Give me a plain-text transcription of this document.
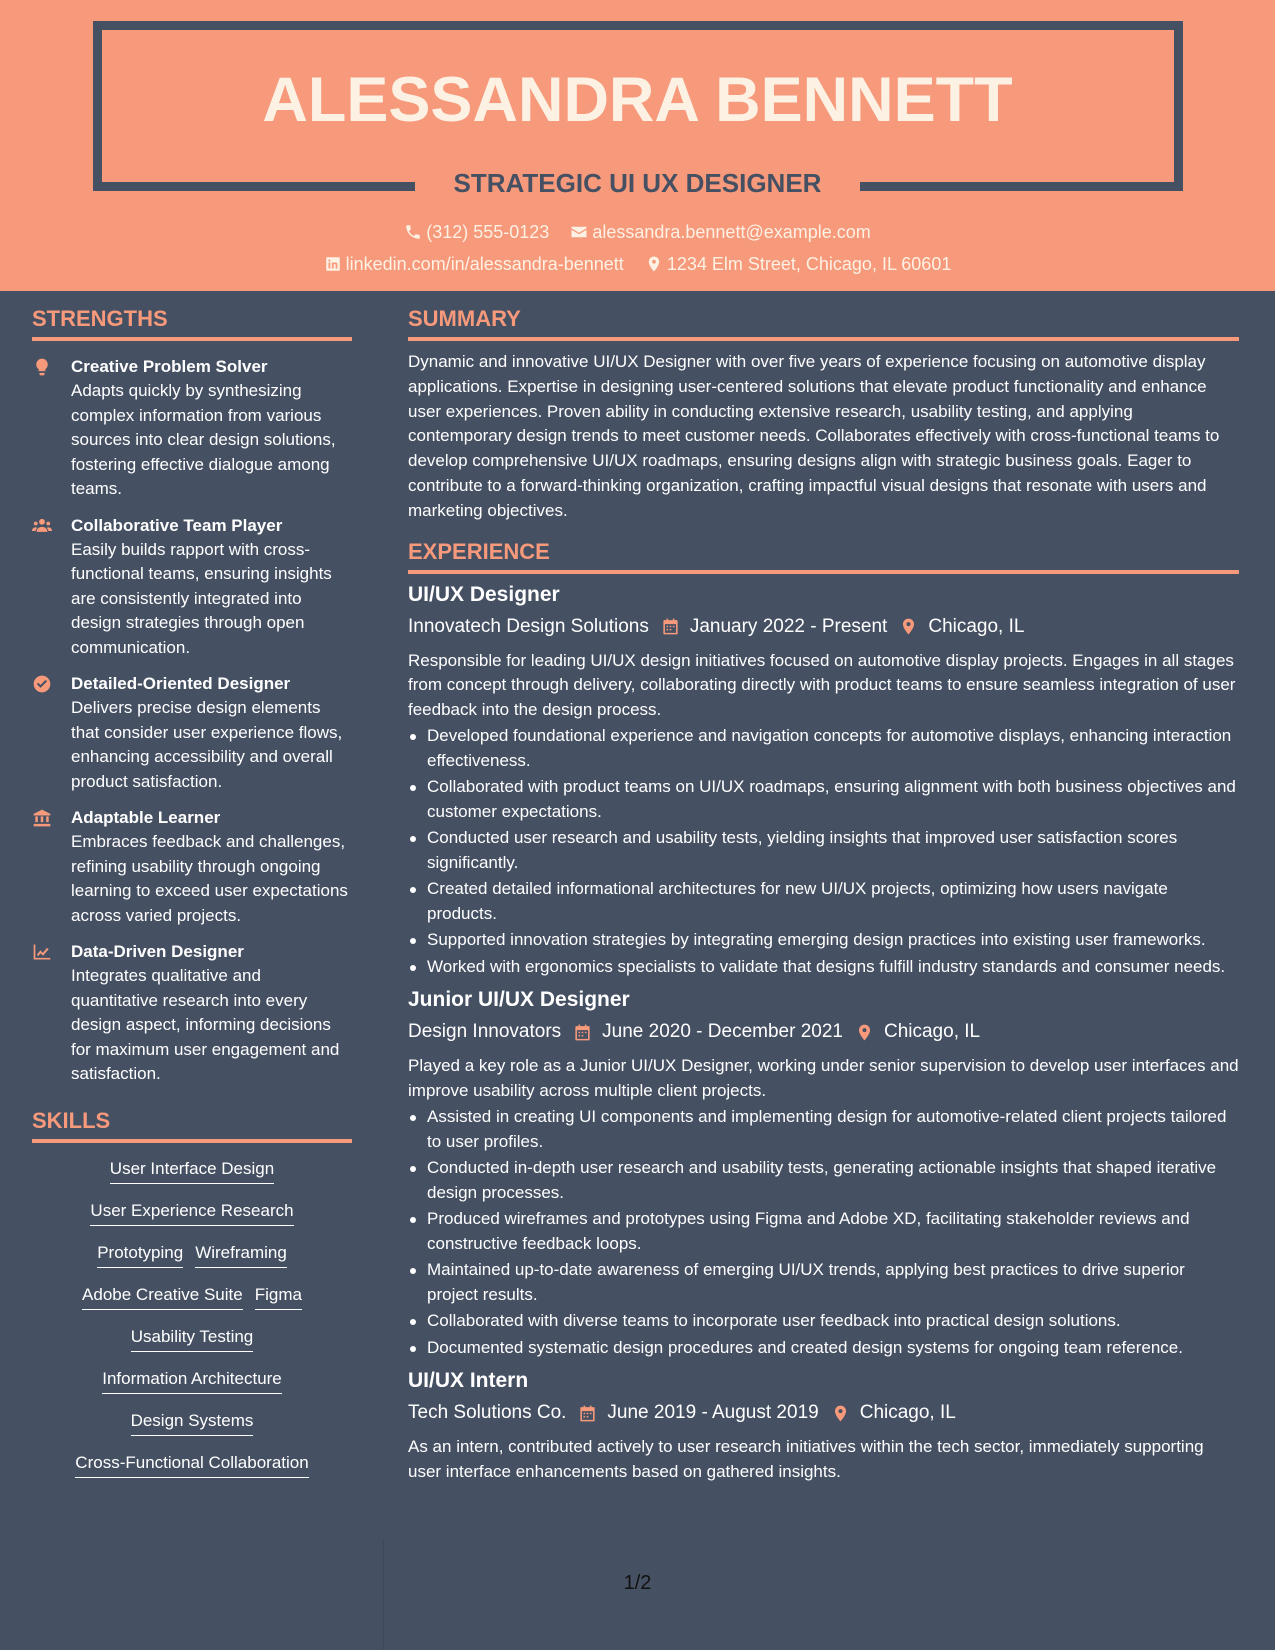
ALESSANDRA BENNETT
STRATEGIC UI UX DESIGNER
(312) 555-0123
alessandra.bennett@example.com
linkedin.com/in/alessandra-bennett
1234 Elm Street, Chicago, IL 60601
STRENGTHS
Creative Problem Solver
Adapts quickly by synthesizing complex information from various sources into clear design solutions, fostering effective dialogue among teams.
Collaborative Team Player
Easily builds rapport with cross-functional teams, ensuring insights are consistently integrated into design strategies through open communication.
Detailed-Oriented Designer
Delivers precise design elements that consider user experience flows, enhancing accessibility and overall product satisfaction.
Adaptable Learner
Embraces feedback and challenges, refining usability through ongoing learning to exceed user expectations across varied projects.
Data-Driven Designer
Integrates qualitative and quantitative research into every design aspect, informing decisions for maximum user engagement and satisfaction.
SKILLS
User Interface Design
User Experience Research
Prototyping Wireframing
Adobe Creative Suite Figma
Usability Testing
Information Architecture
Design Systems
Cross-Functional Collaboration
SUMMARY
Dynamic and innovative UI/UX Designer with over five years of experience focusing on automotive display applications. Expertise in designing user-centered solutions that elevate product functionality and enhance user experiences. Proven ability in conducting extensive research, usability testing, and applying contemporary design trends to meet customer needs. Collaborates effectively with cross-functional teams to develop comprehensive UI/UX roadmaps, ensuring designs align with strategic business goals. Eager to contribute to a forward-thinking organization, crafting impactful visual designs that resonate with users and marketing objectives.
EXPERIENCE
UI/UX Designer
Innovatech Design Solutions January 2022 - Present Chicago, IL
Responsible for leading UI/UX design initiatives focused on automotive display projects. Engages in all stages from concept through delivery, collaborating directly with product teams to ensure seamless integration of user feedback into the design process.
Developed foundational experience and navigation concepts for automotive displays, enhancing interaction effectiveness.
Collaborated with product teams on UI/UX roadmaps, ensuring alignment with both business objectives and customer expectations.
Conducted user research and usability tests, yielding insights that improved user satisfaction scores significantly.
Created detailed informational architectures for new UI/UX projects, optimizing how users navigate products.
Supported innovation strategies by integrating emerging design practices into existing user frameworks.
Worked with ergonomics specialists to validate that designs fulfill industry standards and consumer needs.
Junior UI/UX Designer
Design Innovators June 2020 - December 2021 Chicago, IL
Played a key role as a Junior UI/UX Designer, working under senior supervision to develop user interfaces and improve usability across multiple client projects.
Assisted in creating UI components and implementing design for automotive-related client projects tailored to user profiles.
Conducted in-depth user research and usability tests, generating actionable insights that shaped iterative design processes.
Produced wireframes and prototypes using Figma and Adobe XD, facilitating stakeholder reviews and constructive feedback loops.
Maintained up-to-date awareness of emerging UI/UX trends, applying best practices to drive superior project results.
Collaborated with diverse teams to incorporate user feedback into practical design solutions.
Documented systematic design procedures and created design systems for ongoing team reference.
UI/UX Intern
Tech Solutions Co. June 2019 - August 2019 Chicago, IL
As an intern, contributed actively to user research initiatives within the tech sector, immediately supporting user interface enhancements based on gathered insights.
1/2
